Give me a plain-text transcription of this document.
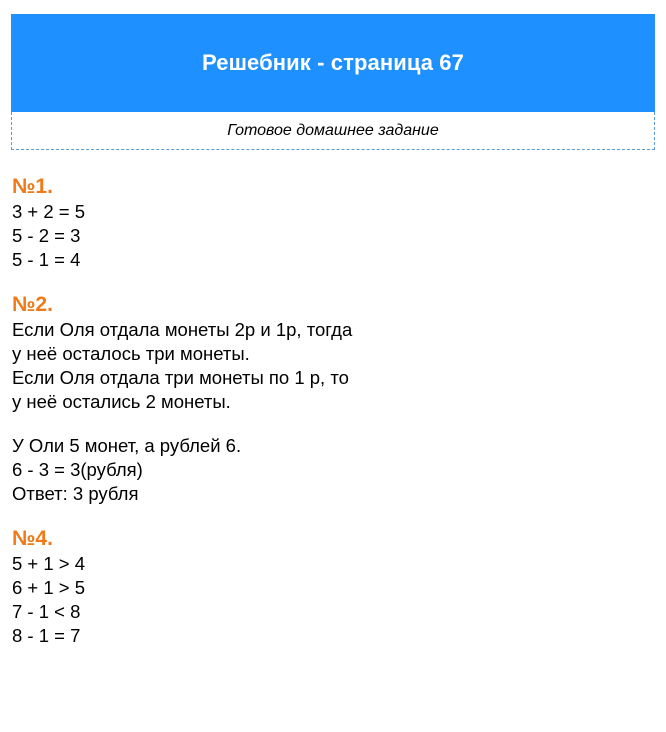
Решебник - страница 67
Готовое домашнее задание
№1.
3 + 2 = 5
5 - 2 = 3
5 - 1 = 4
№2.
Если Оля отдала монеты 2р и 1р, тогда
у неё осталось три монеты.
Если Оля отдала три монеты по 1 р, то
у неё остались 2 монеты.
У Оли 5 монет, а рублей 6.
6 - 3 = 3(рубля)
Ответ: 3 рубля
№4.
5 + 1 > 4
6 + 1 > 5
7 - 1 < 8
8 - 1 = 7
